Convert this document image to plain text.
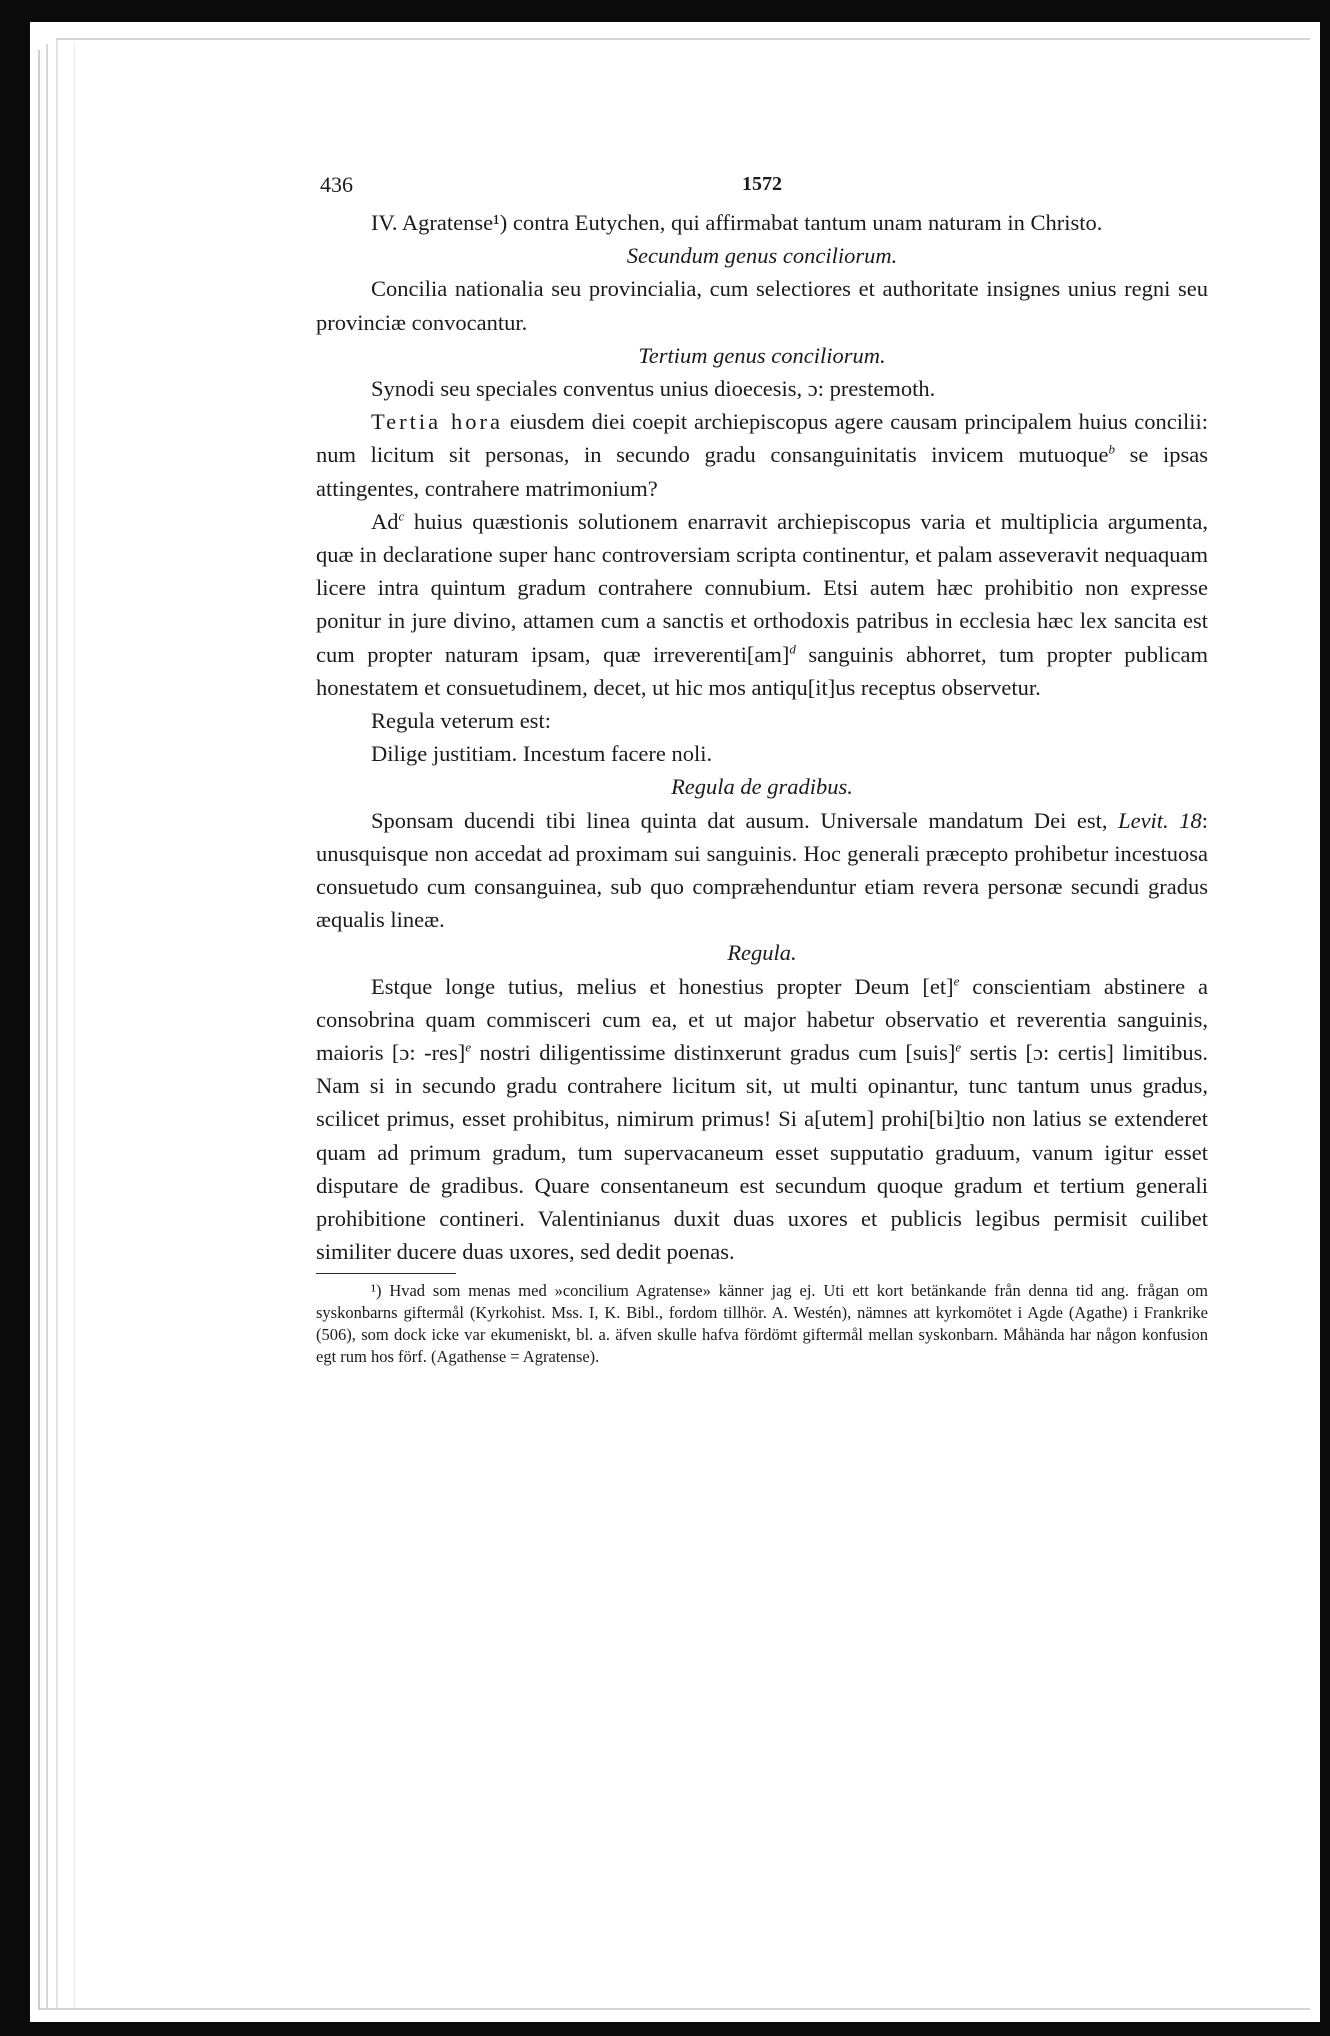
436	1572

IV. Agratense¹) contra Eutychen, qui affirmabat tantum unam naturam in Christo.

Secundum genus conciliorum.

Concilia nationalia seu provincialia, cum selectiores et authoritate insignes unius regni seu provinciæ convocantur.

Tertium genus conciliorum.

Synodi seu speciales conventus unius dioecesis, ɔ: prestemoth.

Tertia hora eiusdem diei coepit archiepiscopus agere causam principalem huius concilii: num licitum sit personas, in secundo gradu consanguinitatis invicem mutuoque$^b$ se ipsas attingentes, contrahere matrimonium?

Ad$^c$ huius quæstionis solutionem enarravit archiepiscopus varia et multiplicia argumenta, quæ in declaratione super hanc controversiam scripta continentur, et palam asseveravit nequaquam licere intra quintum gradum contrahere connubium. Etsi autem hæc prohibitio non expresse ponitur in jure divino, attamen cum a sanctis et orthodoxis patribus in ecclesia hæc lex sancita est cum propter naturam ipsam, quæ irreverenti[am]$^d$ sanguinis abhorret, tum propter publicam honestatem et consuetudinem, decet, ut hic mos antiqu[it]us receptus observetur.

Regula veterum est:

Dilige justitiam. Incestum facere noli.

Regula de gradibus.

Sponsam ducendi tibi linea quinta dat ausum. Universale mandatum Dei est, Levit. 18: unusquisque non accedat ad proximam sui sanguinis. Hoc generali præcepto prohibetur incestuosa consuetudo cum consanguinea, sub quo compræhenduntur etiam revera personæ secundi gradus æqualis lineæ.

Regula.

Estque longe tutius, melius et honestius propter Deum [et]$^e$ conscientiam abstinere a consobrina quam commisceri cum ea, et ut major habetur observatio et reverentia sanguinis, maioris [ɔ: -res]$^e$ nostri diligentissime distinxerunt gradus cum [suis]$^e$ sertis [ɔ: certis] limitibus. Nam si in secundo gradu contrahere licitum sit, ut multi opinantur, tunc tantum unus gradus, scilicet primus, esset prohibitus, nimirum primus! Si a[utem] prohi[bi]tio non latius se extenderet quam ad primum gradum, tum supervacaneum esset supputatio graduum, vanum igitur esset disputare de gradibus. Quare consentaneum est secundum quoque gradum et tertium generali prohibitione contineri. Valentinianus duxit duas uxores et publicis legibus permisit cuilibet similiter ducere duas uxores, sed dedit poenas.

¹) Hvad som menas med »concilium Agratense» känner jag ej. Uti ett kort betänkande från denna tid ang. frågan om syskonbarns giftermål (Kyrkohist. Mss. I, K. Bibl., fordom tillhör. A. Westén), nämnes att kyrkomötet i Agde (Agathe) i Frankrike (506), som dock icke var ekumeniskt, bl. a. äfven skulle hafva fördömt giftermål mellan syskonbarn. Måhända har någon konfusion egt rum hos förf. (Agathense = Agratense).
